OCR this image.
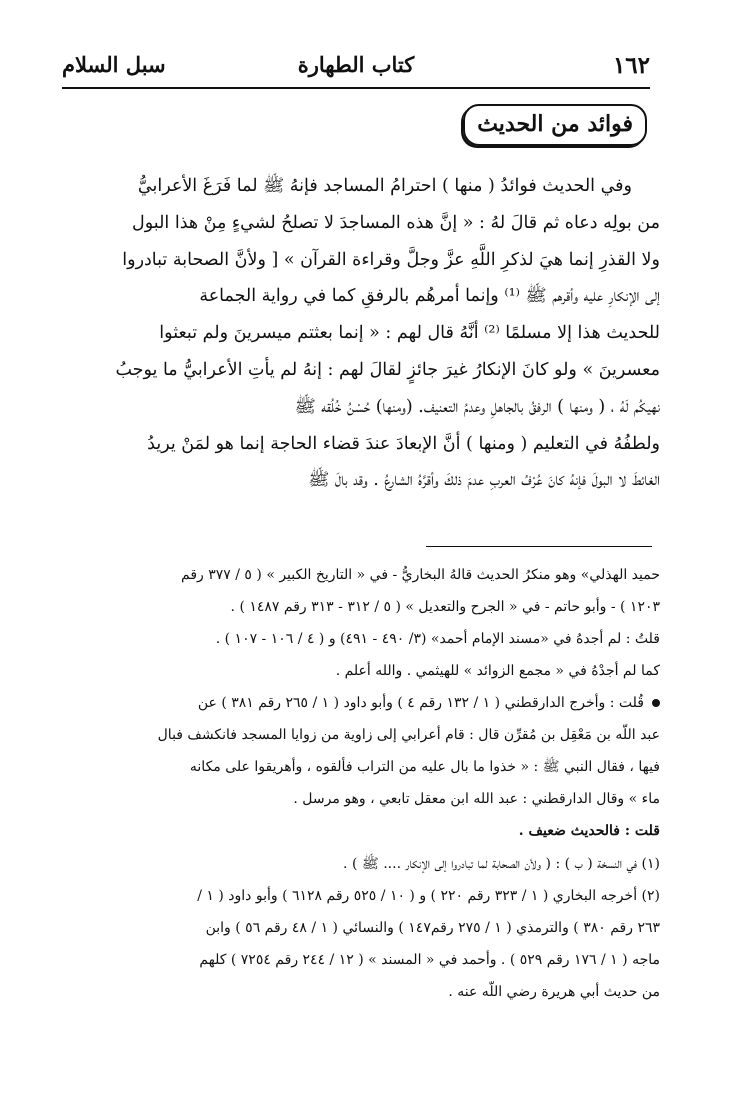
١٦٢
كتاب الطهارة
سبل السلام
فوائد من الحديث

وفي الحديث فوائدُ ( منها ) احترامُ المساجد فإنهُ ﷺ لما فَرَغَ الأعرابيُّ

من بولِه دعاه ثم قالَ لهُ : « إنَّ هذه المساجدَ لا تصلحُ لشيءٍ مِنْ هذا البول

ولا القذرِ إنما هيَ لذكرِ اللَّهِ عزَّ وجلَّ وقراءة القرآن » [ ولأنَّ الصحابة تبادروا

إلى الإنكارِ عليه وأقرهم ﷺ ⁽¹⁾ وإنما أمرهُم بالرفقِ كما في رواية الجماعة

للحديث هذا إلا مسلمًا ⁽²⁾ أنَّهُ قال لهم : « إنما بعثتم ميسرينَ ولم تبعثوا

معسرينَ » ولو كانَ الإنكارُ غيرَ جائزٍ لقالَ لهم : إنهُ لم يأتِ الأعرابيُّ ما يوجبُ

نهيكُم لَهُ ، ( ومنها ) الرفقُ بالجاهلِ وعدمُ التعنيف. (ومنها) حُسْنُ خُلُقه ﷺ

ولطفُهُ في التعليم ( ومنها ) أنَّ الإبعادَ عندَ قضاء الحاجة إنما هو لمَنْ يريدُ

الغائطَ لا البولَ فإنهُ كانَ عُرْفُ العربِ عدمَ ذلكَ وأقرَّهُ الشارعُ . وقد بالَ ﷺ

حميد الهذلي» وهو منكرُ الحديث قالهُ البخاريُّ - في « التاريخ الكبير » ( ٥ / ٣٧٧ رقم

١٢٠٣ ) - وأبو حاتم - في « الجرح والتعديل » ( ٥ / ٣١٢ - ٣١٣ رقم ١٤٨٧ ) .

قلتُ : لم أجدهُ في «مسند الإمام أحمد» (٣/ ٤٩٠ - ٤٩١) و ( ٤ / ١٠٦ - ١٠٧ ) .

كما لم أجدْهُ في « مجمع الزوائد » للهيثمي . والله أعلم .

قُلت : وأخرج الدارقطني ( ١ / ١٣٢ رقم ٤ ) وأبو داود ( ١ / ٢٦٥ رقم ٣٨١ ) عن

عبد اللّه بن مَعْقِل بن مُقرِّن قال : قام أعرابي إلى زاوية من زوايا المسجد فانكشف فبال

فيها ، فقال النبي ﷺ : « خذوا ما بال عليه من التراب فألقوه ، وأهريقوا على مكانه

ماء » وقال الدارقطني : عبد الله ابن معقل تابعي ، وهو مرسل .

قلت : فالحديث ضعيف .

(١) في النسخة ( ب ) : ( ولأن الصحابة لما تبادروا إلى الإنكار .... ﷺ ) .

(٢) أخرجه البخاري ( ١ / ٣٢٣ رقم ٢٢٠ ) و ( ١٠ / ٥٢٥ رقم ٦١٢٨ ) وأبو داود ( ١ /

٢٦٣ رقم ٣٨٠ ) والترمذي ( ١ / ٢٧٥ رقم١٤٧ ) والنسائي ( ١ / ٤٨ رقم ٥٦ ) وابن

ماجه ( ١ / ١٧٦ رقم ٥٢٩ ) . وأحمد في « المسند » ( ١٢ / ٢٤٤ رقم ٧٢٥٤ ) كلهم

من حديث أبي هريرة رضي اللّه عنه .
